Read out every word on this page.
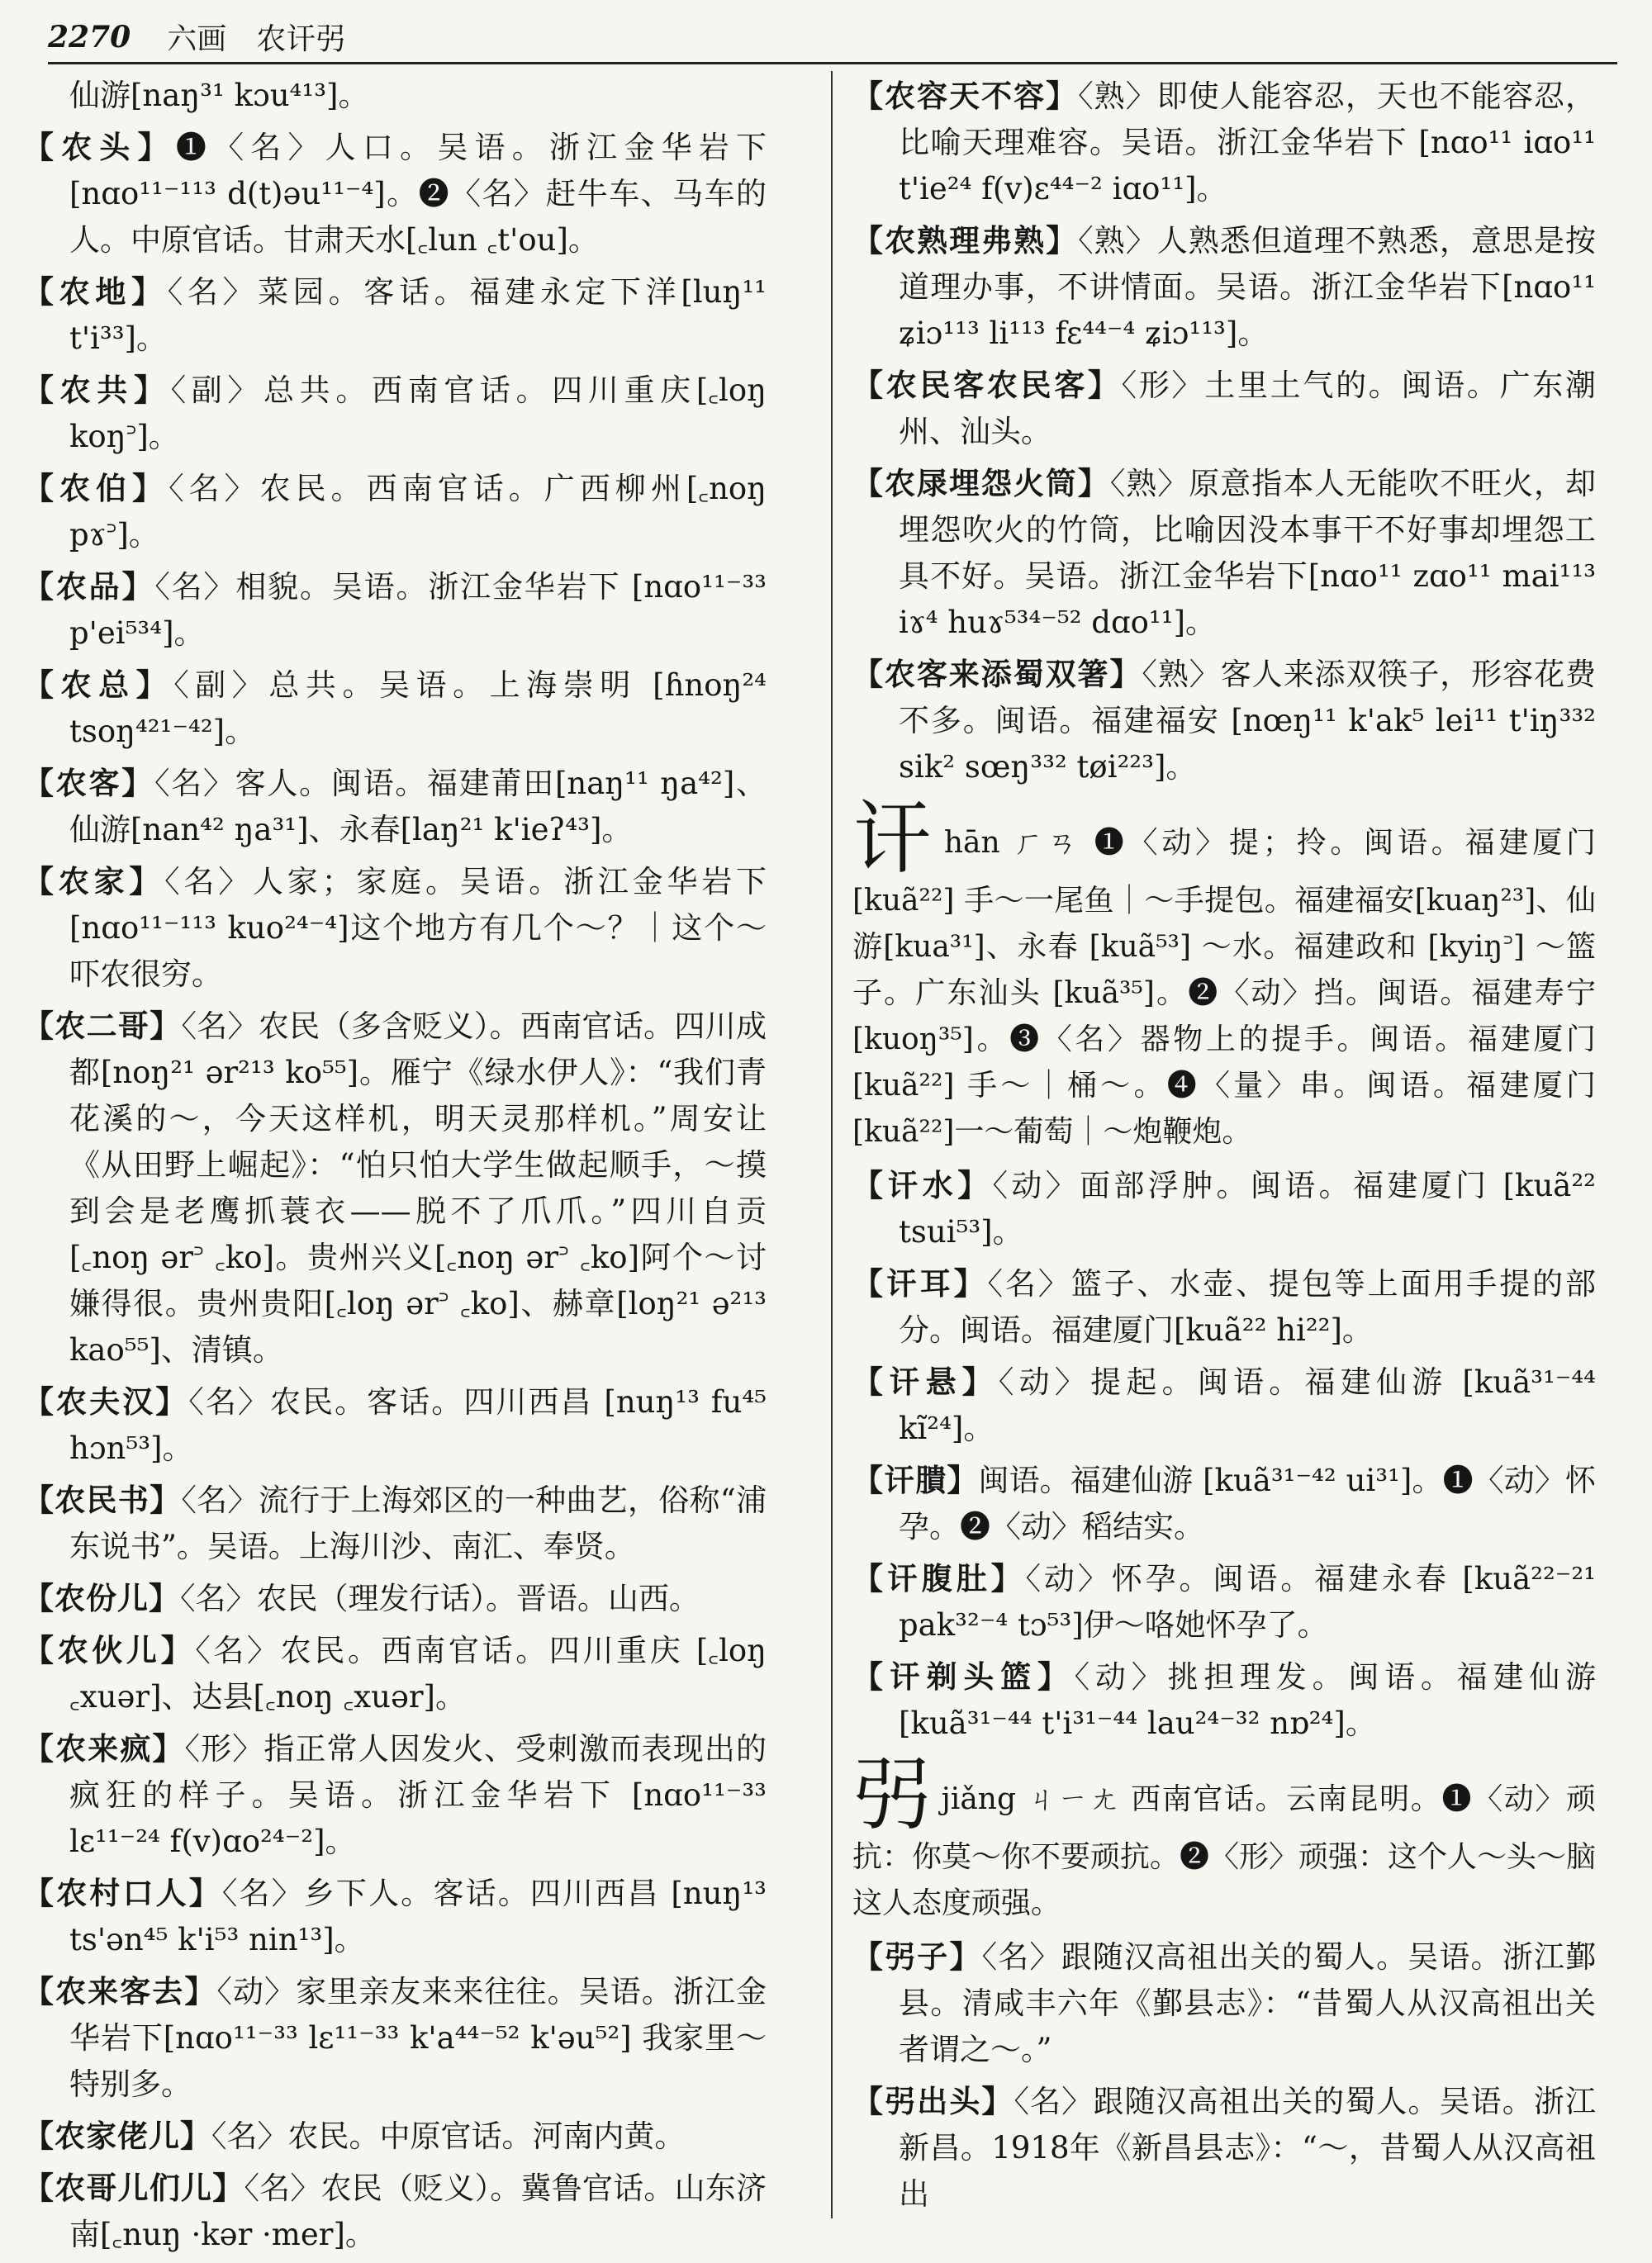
2270 六画　农讦弜

仙游[naŋ³¹ kɔu⁴¹³]。

【农头】❶〈名〉人口。吴语。浙江金华岩下 [nɑo¹¹⁻¹¹³ d(t)əu¹¹⁻⁴]。❷〈名〉赶牛车、马车的人。中原官话。甘肃天水[꜀lun ꜀t'ou]。

【农地】〈名〉菜园。客话。福建永定下洋[luŋ¹¹ t'i³³]。

【农共】〈副〉总共。西南官话。四川重庆[꜀loŋ koŋ꜄]。

【农伯】〈名〉农民。西南官话。广西柳州[꜀noŋ pɤ꜄]。

【农品】〈名〉相貌。吴语。浙江金华岩下 [nɑo¹¹⁻³³ p'ei⁵³⁴]。

【农总】〈副〉总共。吴语。上海崇明 [ɦnoŋ²⁴ tsoŋ⁴²¹⁻⁴²]。

【农客】〈名〉客人。闽语。福建莆田[naŋ¹¹ ŋa⁴²]、仙游[nan⁴² ŋa³¹]、永春[laŋ²¹ k'ieʔ⁴³]。

【农家】〈名〉人家；家庭。吴语。浙江金华岩下 [nɑo¹¹⁻¹¹³ kuo²⁴⁻⁴]这个地方有几个～？｜这个～吓农很穷。

【农二哥】〈名〉农民（多含贬义）。西南官话。四川成都[noŋ²¹ ər²¹³ ko⁵⁵]。雁宁《绿水伊人》：“我们青花溪的～，今天这样机，明天灵那样机。”周安让《从田野上崛起》：“怕只怕大学生做起顺手，～摸到会是老鹰抓蓑衣——脱不了爪爪。”四川自贡 [꜀noŋ ər꜄ ꜀ko]。贵州兴义[꜀noŋ ər꜄ ꜀ko]阿个～讨嫌得很。贵州贵阳[꜀loŋ ər꜄ ꜀ko]、赫章[loŋ²¹ ə²¹³ kao⁵⁵]、清镇。

【农夫汉】〈名〉农民。客话。四川西昌 [nuŋ¹³ fu⁴⁵ hɔn⁵³]。

【农民书】〈名〉流行于上海郊区的一种曲艺，俗称“浦东说书”。吴语。上海川沙、南汇、奉贤。

【农份儿】〈名〉农民（理发行话）。晋语。山西。

【农伙儿】〈名〉农民。西南官话。四川重庆 [꜀loŋ ꜀xuər]、达县[꜀noŋ ꜀xuər]。

【农来疯】〈形〉指正常人因发火、受刺激而表现出的疯狂的样子。吴语。浙江金华岩下 [nɑo¹¹⁻³³ lɛ¹¹⁻²⁴ f(v)ɑo²⁴⁻²]。

【农村口人】〈名〉乡下人。客话。四川西昌 [nuŋ¹³ ts'ən⁴⁵ k'i⁵³ nin¹³]。

【农来客去】〈动〉家里亲友来来往往。吴语。浙江金华岩下[nɑo¹¹⁻³³ lɛ¹¹⁻³³ k'a⁴⁴⁻⁵² k'əu⁵²] 我家里～特别多。

【农家佬儿】〈名〉农民。中原官话。河南内黄。

【农哥儿们儿】〈名〉农民（贬义）。冀鲁官话。山东济南[꜀nuŋ ·kər ·mer]。

【农容天不容】〈熟〉即使人能容忍，天也不能容忍，比喻天理难容。吴语。浙江金华岩下 [nɑo¹¹ iɑo¹¹ t'ie²⁴ f(v)ɛ⁴⁴⁻² iɑo¹¹]。

【农熟理弗熟】〈熟〉人熟悉但道理不熟悉，意思是按道理办事，不讲情面。吴语。浙江金华岩下[nɑo¹¹ ʑiɔ¹¹³ li¹¹³ fɛ⁴⁴⁻⁴ ʑiɔ¹¹³]。

【农民客农民客】〈形〉土里土气的。闽语。广东潮州、汕头。

【农㞗埋怨火筒】〈熟〉原意指本人无能吹不旺火，却埋怨吹火的竹筒，比喻因没本事干不好事却埋怨工具不好。吴语。浙江金华岩下[nɑo¹¹ zɑo¹¹ mai¹¹³ iɤ⁴ huɤ⁵³⁴⁻⁵² dɑo¹¹]。

【农客来添蜀双箸】〈熟〉客人来添双筷子，形容花费不多。闽语。福建福安 [nœŋ¹¹ k'ak⁵ lei¹¹ t'iŋ³³² sik² sœŋ³³² tøi²²³]。

讦hān ㄏㄢ ❶〈动〉提；拎。闽语。福建厦门 [kuã²²] 手～一尾鱼｜～手提包。福建福安[kuaŋ²³]、仙游[kua³¹]、永春 [kuã⁵³] ～水。福建政和 [kyiŋ꜄] ～篮子。广东汕头 [kuã³⁵]。❷〈动〉挡。闽语。福建寿宁[kuoŋ³⁵]。❸〈名〉器物上的提手。闽语。福建厦门[kuã²²] 手～｜桶～。❹〈量〉串。闽语。福建厦门[kuã²²]一～葡萄｜～炮鞭炮。

【讦水】〈动〉面部浮肿。闽语。福建厦门 [kuã²² tsui⁵³]。

【讦耳】〈名〉篮子、水壶、提包等上面用手提的部分。闽语。福建厦门[kuã²² hi²²]。

【讦悬】〈动〉提起。闽语。福建仙游 [kuã³¹⁻⁴⁴ kĩ²⁴]。

【讦膭】闽语。福建仙游 [kuã³¹⁻⁴² ui³¹]。❶〈动〉怀孕。❷〈动〉稻结实。

【讦腹肚】〈动〉怀孕。闽语。福建永春 [kuã²²⁻²¹ pak³²⁻⁴ tɔ⁵³]伊～咯她怀孕了。

【讦剃头篮】〈动〉挑担理发。闽语。福建仙游 [kuã³¹⁻⁴⁴ t'i³¹⁻⁴⁴ lau²⁴⁻³² nɒ²⁴]。

弜jiǎng ㄐㄧㄤ 西南官话。云南昆明。❶〈动〉顽抗：你莫～你不要顽抗。❷〈形〉顽强：这个人～头～脑这人态度顽强。

【弜子】〈名〉跟随汉高祖出关的蜀人。吴语。浙江鄞县。清咸丰六年《鄞县志》：“昔蜀人从汉高祖出关者谓之～。”

【弜出头】〈名〉跟随汉高祖出关的蜀人。吴语。浙江新昌。1918年《新昌县志》：“～，昔蜀人从汉高祖出
